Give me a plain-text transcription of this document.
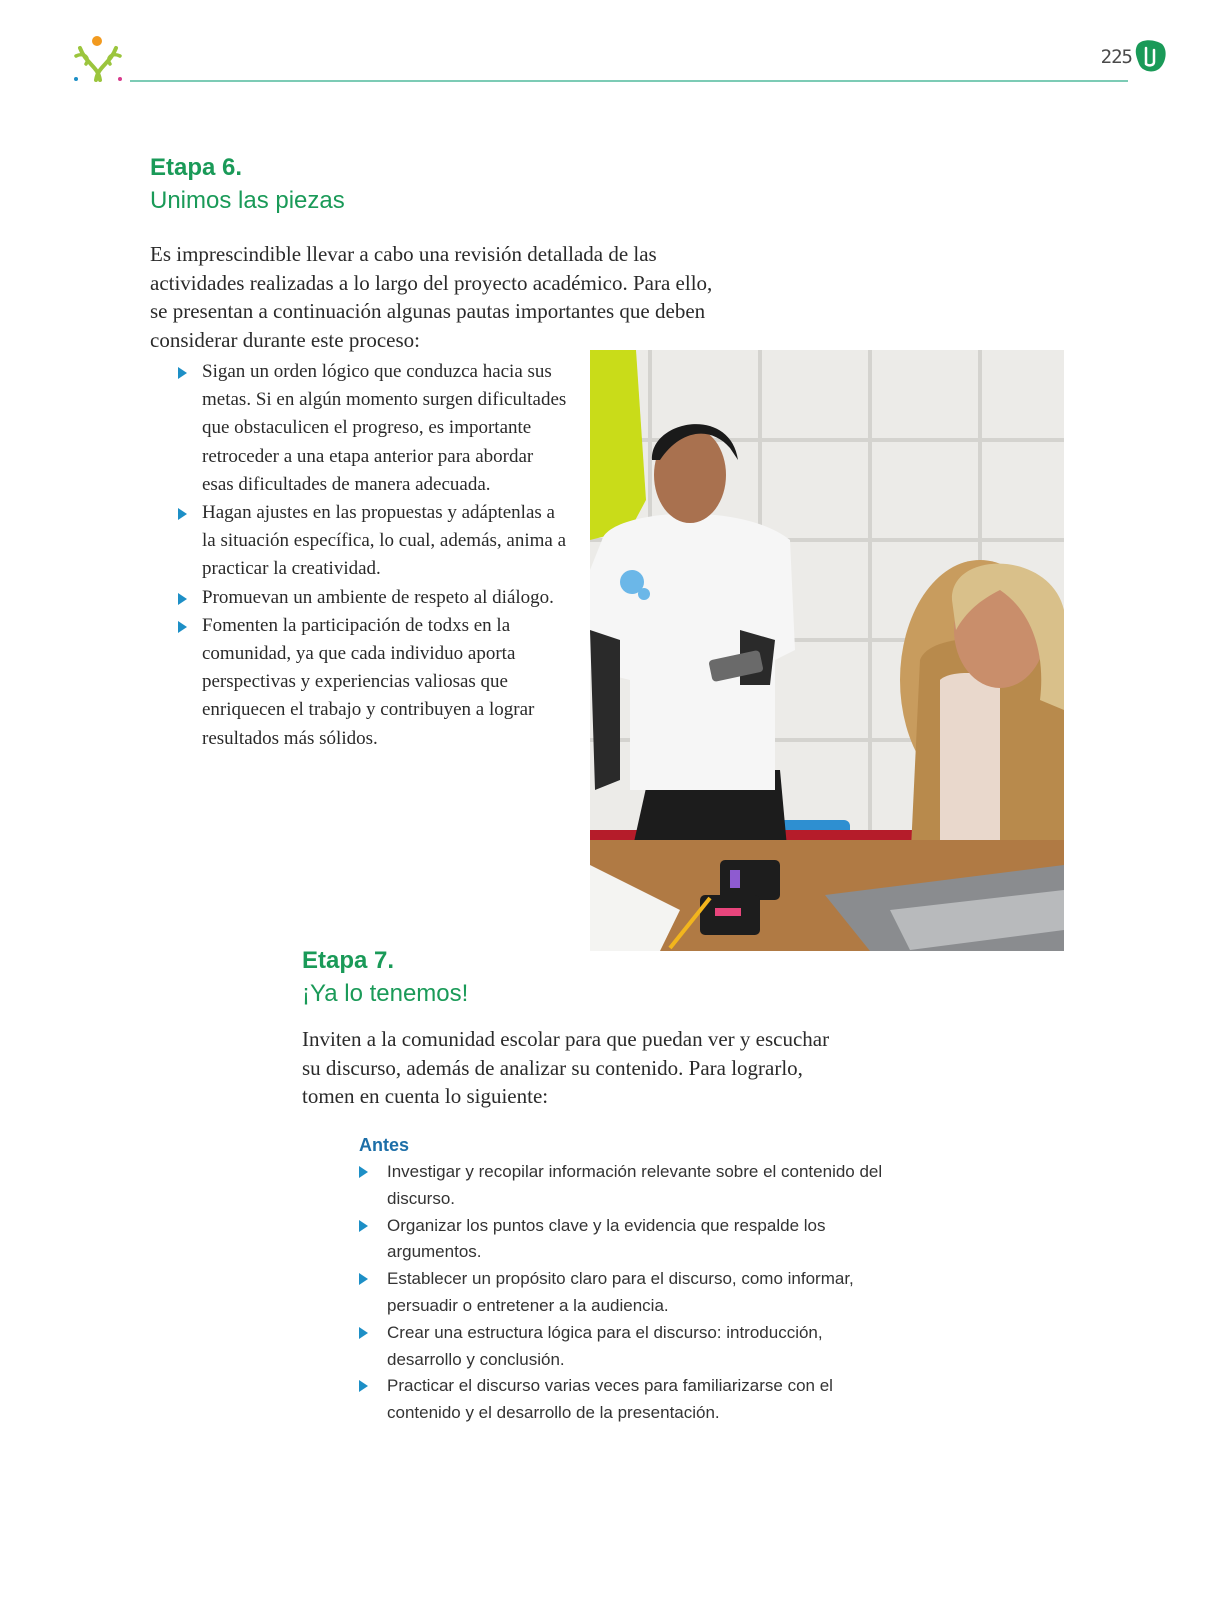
225
Etapa 6.
Unimos las piezas

Es imprescindible llevar a cabo una revisión detallada de las actividades realizadas a lo largo del proyecto académico. Para ello, se presentan a continuación algunas pautas importantes que deben considerar durante este proceso:

Sigan un orden lógico que conduzca hacia sus metas. Si en algún momento surgen dificultades que obstaculicen el progreso, es importante retroceder a una etapa anterior para abordar esas dificultades de manera adecuada.
Hagan ajustes en las propuestas y adáptenlas a la situación específica, lo cual, además, anima a practicar la creatividad.
Promuevan un ambiente de respeto al diálogo.
Fomenten la participación de todxs en la comunidad, ya que cada individuo aporta perspectivas y experiencias valiosas que enriquecen el trabajo y contribuyen a lograr resultados más sólidos.
Etapa 7.
¡Ya lo tenemos!

Inviten a la comunidad escolar para que puedan ver y escuchar su discurso, además de analizar su contenido. Para lograrlo, tomen en cuenta lo siguiente:

Antes

Investigar y recopilar información relevante sobre el contenido del discurso.
Organizar los puntos clave y la evidencia que respalde los argumentos.
Establecer un propósito claro para el discurso, como informar, persuadir o entretener a la audiencia.
Crear una estructura lógica para el discurso: introducción, desarrollo y conclusión.
Practicar el discurso varias veces para familiarizarse con el contenido y el desarrollo de la presentación.
